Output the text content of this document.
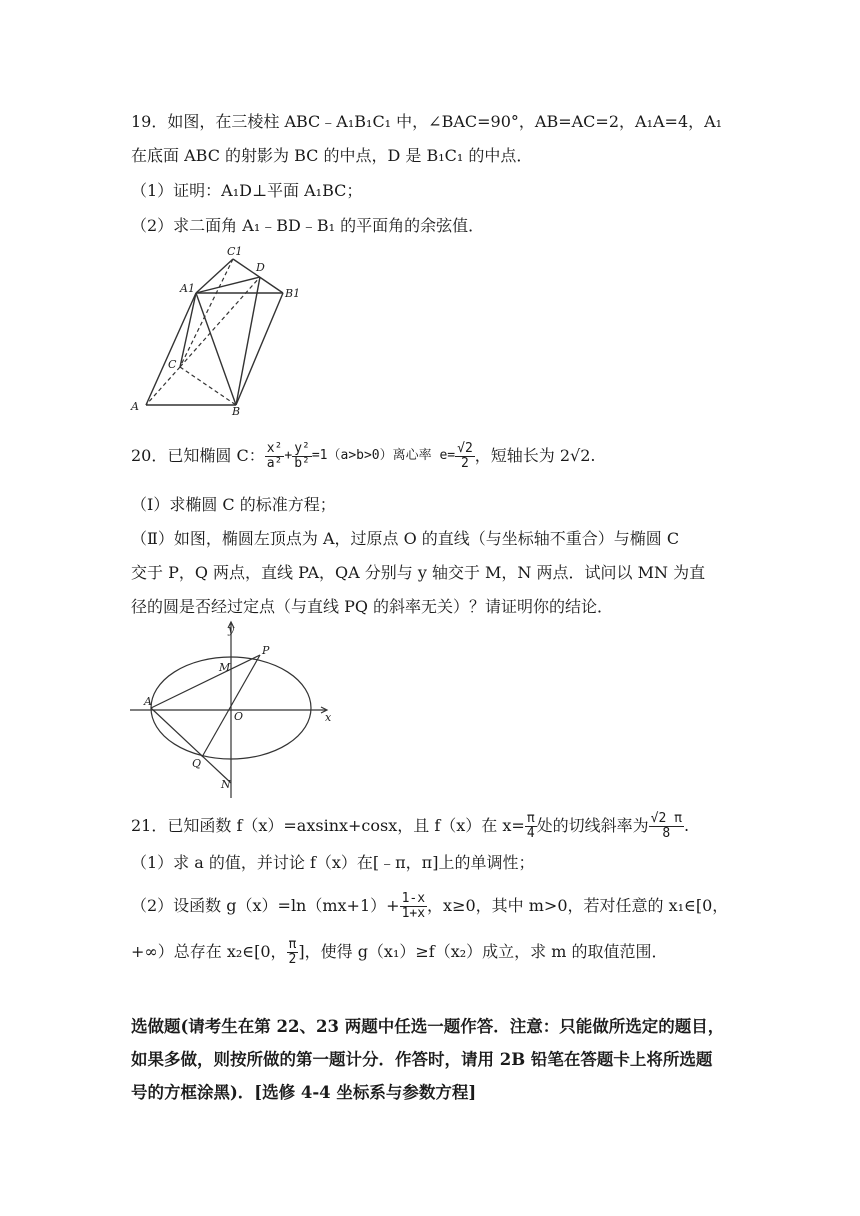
19．如图，在三棱柱 ABC﹣A₁B₁C₁ 中，∠BAC=90°，AB=AC=2，A₁A=4，A₁
在底面 ABC 的射影为 BC 的中点，D 是 B₁C₁ 的中点．
（1）证明：A₁D⊥平面 A₁BC；
（2）求二面角 A₁﹣BD﹣B₁ 的平面角的余弦值．
C1
D
A1	B1
C
A	B
20．已知椭圆 C： $\frac{\text{x²}}{\text{a²}} + \frac{\text{y²}}{\text{b²}} =1(a>b>0)$离心率 $e= \frac{√2}{2}$ ，短轴长为 2√2.
（Ⅰ）求椭圆 C 的标准方程；
（Ⅱ）如图，椭圆左顶点为 A，过原点 O 的直线（与坐标轴不重合）与椭圆 C
交于 P，Q 两点，直线 PA，QA 分别与 y 轴交于 M，N 两点．试问以 MN 为直
径的圆是否经过定点（与直线 PQ 的斜率无关）？请证明你的结论．
y
x
P
M
A
O
Q
N
21．已知函数 f（x）=axsinx+cosx，且 f（x）在 $x= \frac{\pi}{4}$ 处的切线斜率为 $\frac{√2 \pi}{8}$ .
（1）求 a 的值，并讨论 f（x）在[﹣π，π]上的单调性；
（2）设函数 $g(x)=\ln(mx+1)+ \frac{1-x}{1+x}$ ，x≥0，其中 m>0，若对任意的 x₁∈[0，
+∞）总存在 x₂∈[0， $\frac{\pi}{2}$ ]，使得 g（x₁）≥f（x₂）成立，求 m 的取值范围．
选做题(请考生在第 22、23 两题中任选一题作答．注意：只能做所选定的题目，
如果多做，则按所做的第一题计分．作答时，请用 2B 铅笔在答题卡上将所选题
号的方框涂黑)．[选修 4-4 坐标系与参数方程]
